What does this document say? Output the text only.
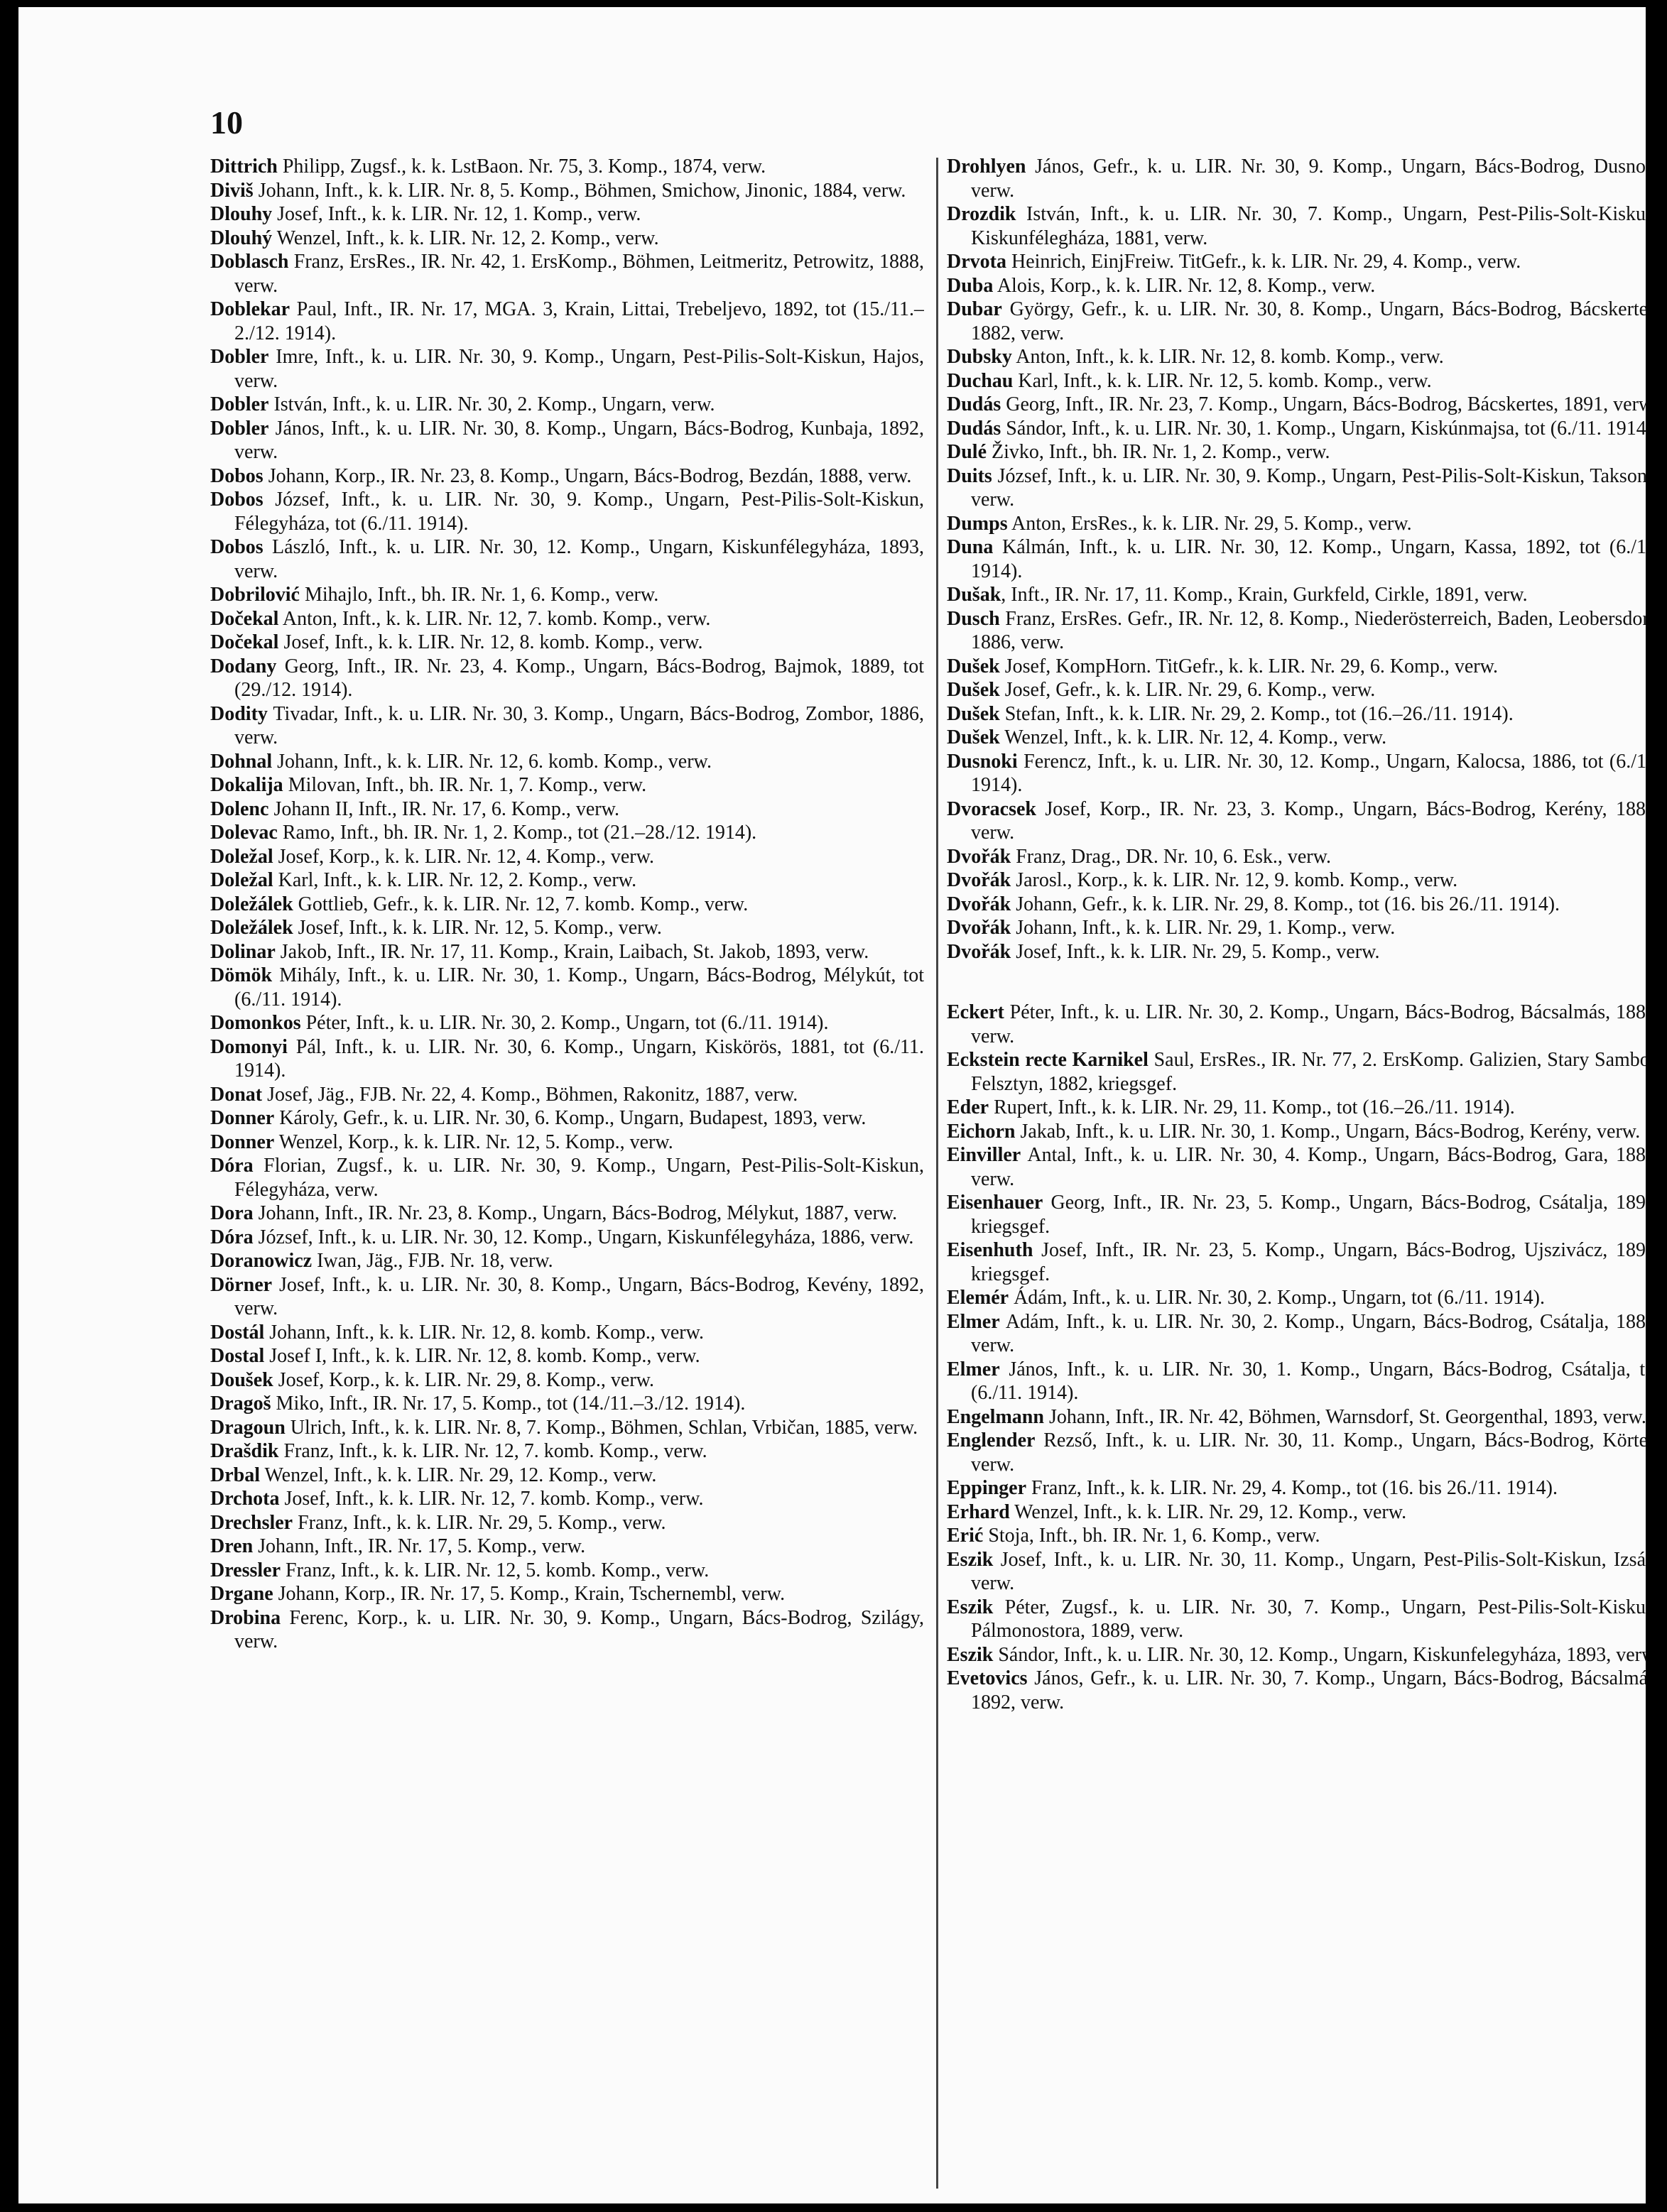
10
Dittrich Philipp, Zugsf., k. k. LstBaon. Nr. 75, 3. Komp., 1874, verw.
Diviš Johann, Inft., k. k. LIR. Nr. 8, 5. Komp., Böhmen, Smichow, Jinonic, 1884, verw.
Dlouhy Josef, Inft., k. k. LIR. Nr. 12, 1. Komp., verw.
Dlouhý Wenzel, Inft., k. k. LIR. Nr. 12, 2. Komp., verw.
Doblasch Franz, ErsRes., IR. Nr. 42, 1. ErsKomp., Böhmen, Leitmeritz, Petrowitz, 1888, verw.
Doblekar Paul, Inft., IR. Nr. 17, MGA. 3, Krain, Littai, Trebeljevo, 1892, tot (15./11.–2./12. 1914).
Dobler Imre, Inft., k. u. LIR. Nr. 30, 9. Komp., Ungarn, Pest-Pilis-Solt-Kiskun, Hajos, verw.
Dobler István, Inft., k. u. LIR. Nr. 30, 2. Komp., Ungarn, verw.
Dobler János, Inft., k. u. LIR. Nr. 30, 8. Komp., Ungarn, Bács-Bodrog, Kunbaja, 1892, verw.
Dobos Johann, Korp., IR. Nr. 23, 8. Komp., Ungarn, Bács-Bodrog, Bezdán, 1888, verw.
Dobos József, Inft., k. u. LIR. Nr. 30, 9. Komp., Ungarn, Pest-Pilis-Solt-Kiskun, Félegyháza, tot (6./11. 1914).
Dobos László, Inft., k. u. LIR. Nr. 30, 12. Komp., Ungarn, Kiskunfélegyháza, 1893, verw.
Dobrilović Mihajlo, Inft., bh. IR. Nr. 1, 6. Komp., verw.
Dočekal Anton, Inft., k. k. LIR. Nr. 12, 7. komb. Komp., verw.
Dočekal Josef, Inft., k. k. LIR. Nr. 12, 8. komb. Komp., verw.
Dodany Georg, Inft., IR. Nr. 23, 4. Komp., Ungarn, Bács-Bodrog, Bajmok, 1889, tot (29./12. 1914).
Dodity Tivadar, Inft., k. u. LIR. Nr. 30, 3. Komp., Ungarn, Bács-Bodrog, Zombor, 1886, verw.
Dohnal Johann, Inft., k. k. LIR. Nr. 12, 6. komb. Komp., verw.
Dokalija Milovan, Inft., bh. IR. Nr. 1, 7. Komp., verw.
Dolenc Johann II, Inft., IR. Nr. 17, 6. Komp., verw.
Dolevac Ramo, Inft., bh. IR. Nr. 1, 2. Komp., tot (21.–28./12. 1914).
Doležal Josef, Korp., k. k. LIR. Nr. 12, 4. Komp., verw.
Doležal Karl, Inft., k. k. LIR. Nr. 12, 2. Komp., verw.
Doležálek Gottlieb, Gefr., k. k. LIR. Nr. 12, 7. komb. Komp., verw.
Doležálek Josef, Inft., k. k. LIR. Nr. 12, 5. Komp., verw.
Dolinar Jakob, Inft., IR. Nr. 17, 11. Komp., Krain, Laibach, St. Jakob, 1893, verw.
Dömök Mihály, Inft., k. u. LIR. Nr. 30, 1. Komp., Ungarn, Bács-Bodrog, Mélykút, tot (6./11. 1914).
Domonkos Péter, Inft., k. u. LIR. Nr. 30, 2. Komp., Ungarn, tot (6./11. 1914).
Domonyi Pál, Inft., k. u. LIR. Nr. 30, 6. Komp., Ungarn, Kiskörös, 1881, tot (6./11. 1914).
Donat Josef, Jäg., FJB. Nr. 22, 4. Komp., Böhmen, Rakonitz, 1887, verw.
Donner Károly, Gefr., k. u. LIR. Nr. 30, 6. Komp., Ungarn, Budapest, 1893, verw.
Donner Wenzel, Korp., k. k. LIR. Nr. 12, 5. Komp., verw.
Dóra Florian, Zugsf., k. u. LIR. Nr. 30, 9. Komp., Ungarn, Pest-Pilis-Solt-Kiskun, Félegyháza, verw.
Dora Johann, Inft., IR. Nr. 23, 8. Komp., Ungarn, Bács-Bodrog, Mélykut, 1887, verw.
Dóra József, Inft., k. u. LIR. Nr. 30, 12. Komp., Ungarn, Kiskunfélegyháza, 1886, verw.
Doranowicz Iwan, Jäg., FJB. Nr. 18, verw.
Dörner Josef, Inft., k. u. LIR. Nr. 30, 8. Komp., Ungarn, Bács-Bodrog, Kevény, 1892, verw.
Dostál Johann, Inft., k. k. LIR. Nr. 12, 8. komb. Komp., verw.
Dostal Josef I, Inft., k. k. LIR. Nr. 12, 8. komb. Komp., verw.
Doušek Josef, Korp., k. k. LIR. Nr. 29, 8. Komp., verw.
Dragoš Miko, Inft., IR. Nr. 17, 5. Komp., tot (14./11.–3./12. 1914).
Dragoun Ulrich, Inft., k. k. LIR. Nr. 8, 7. Komp., Böhmen, Schlan, Vrbičan, 1885, verw.
Drašdik Franz, Inft., k. k. LIR. Nr. 12, 7. komb. Komp., verw.
Drbal Wenzel, Inft., k. k. LIR. Nr. 29, 12. Komp., verw.
Drchota Josef, Inft., k. k. LIR. Nr. 12, 7. komb. Komp., verw.
Drechsler Franz, Inft., k. k. LIR. Nr. 29, 5. Komp., verw.
Dren Johann, Inft., IR. Nr. 17, 5. Komp., verw.
Dressler Franz, Inft., k. k. LIR. Nr. 12, 5. komb. Komp., verw.
Drgane Johann, Korp., IR. Nr. 17, 5. Komp., Krain, Tschernembl, verw.
Drobina Ferenc, Korp., k. u. LIR. Nr. 30, 9. Komp., Ungarn, Bács-Bodrog, Szilágy, verw.
Drohlyen János, Gefr., k. u. LIR. Nr. 30, 9. Komp., Ungarn, Bács-Bodrog, Dusnok, verw.
Drozdik István, Inft., k. u. LIR. Nr. 30, 7. Komp., Ungarn, Pest-Pilis-Solt-Kiskun, Kiskunfélegháza, 1881, verw.
Drvota Heinrich, EinjFreiw. TitGefr., k. k. LIR. Nr. 29, 4. Komp., verw.
Duba Alois, Korp., k. k. LIR. Nr. 12, 8. Komp., verw.
Dubar György, Gefr., k. u. LIR. Nr. 30, 8. Komp., Ungarn, Bács-Bodrog, Bácskertes, 1882, verw.
Dubsky Anton, Inft., k. k. LIR. Nr. 12, 8. komb. Komp., verw.
Duchau Karl, Inft., k. k. LIR. Nr. 12, 5. komb. Komp., verw.
Dudás Georg, Inft., IR. Nr. 23, 7. Komp., Ungarn, Bács-Bodrog, Bácskertes, 1891, verw.
Dudás Sándor, Inft., k. u. LIR. Nr. 30, 1. Komp., Ungarn, Kiskúnmajsa, tot (6./11. 1914).
Dulé Živko, Inft., bh. IR. Nr. 1, 2. Komp., verw.
Duits József, Inft., k. u. LIR. Nr. 30, 9. Komp., Ungarn, Pest-Pilis-Solt-Kiskun, Taksony, verw.
Dumps Anton, ErsRes., k. k. LIR. Nr. 29, 5. Komp., verw.
Duna Kálmán, Inft., k. u. LIR. Nr. 30, 12. Komp., Ungarn, Kassa, 1892, tot (6./11. 1914).
Dušak, Inft., IR. Nr. 17, 11. Komp., Krain, Gurkfeld, Cirkle, 1891, verw.
Dusch Franz, ErsRes. Gefr., IR. Nr. 12, 8. Komp., Niederösterreich, Baden, Leobersdorf, 1886, verw.
Dušek Josef, KompHorn. TitGefr., k. k. LIR. Nr. 29, 6. Komp., verw.
Dušek Josef, Gefr., k. k. LIR. Nr. 29, 6. Komp., verw.
Dušek Stefan, Inft., k. k. LIR. Nr. 29, 2. Komp., tot (16.–26./11. 1914).
Dušek Wenzel, Inft., k. k. LIR. Nr. 12, 4. Komp., verw.
Dusnoki Ferencz, Inft., k. u. LIR. Nr. 30, 12. Komp., Ungarn, Kalocsa, 1886, tot (6./11. 1914).
Dvoracsek Josef, Korp., IR. Nr. 23, 3. Komp., Ungarn, Bács-Bodrog, Kerény, 1888, verw.
Dvořák Franz, Drag., DR. Nr. 10, 6. Esk., verw.
Dvořák Jarosl., Korp., k. k. LIR. Nr. 12, 9. komb. Komp., verw.
Dvořák Johann, Gefr., k. k. LIR. Nr. 29, 8. Komp., tot (16. bis 26./11. 1914).
Dvořák Johann, Inft., k. k. LIR. Nr. 29, 1. Komp., verw.
Dvořák Josef, Inft., k. k. LIR. Nr. 29, 5. Komp., verw.
Eckert Péter, Inft., k. u. LIR. Nr. 30, 2. Komp., Ungarn, Bács-Bodrog, Bácsalmás, 1885, verw.
Eckstein recte Karnikel Saul, ErsRes., IR. Nr. 77, 2. ErsKomp. Galizien, Stary Sambor, Felsztyn, 1882, kriegsgef.
Eder Rupert, Inft., k. k. LIR. Nr. 29, 11. Komp., tot (16.–26./11. 1914).
Eichorn Jakab, Inft., k. u. LIR. Nr. 30, 1. Komp., Ungarn, Bács-Bodrog, Kerény, verw.
Einviller Antal, Inft., k. u. LIR. Nr. 30, 4. Komp., Ungarn, Bács-Bodrog, Gara, 1884, verw.
Eisenhauer Georg, Inft., IR. Nr. 23, 5. Komp., Ungarn, Bács-Bodrog, Csátalja, 1893, kriegsgef.
Eisenhuth Josef, Inft., IR. Nr. 23, 5. Komp., Ungarn, Bács-Bodrog, Ujszivácz, 1893, kriegsgef.
Elemér Ádám, Inft., k. u. LIR. Nr. 30, 2. Komp., Ungarn, tot (6./11. 1914).
Elmer Adám, Inft., k. u. LIR. Nr. 30, 2. Komp., Ungarn, Bács-Bodrog, Csátalja, 1884, verw.
Elmer János, Inft., k. u. LIR. Nr. 30, 1. Komp., Ungarn, Bács-Bodrog, Csátalja, tot (6./11. 1914).
Engelmann Johann, Inft., IR. Nr. 42, Böhmen, Warnsdorf, St. Georgenthal, 1893, verw.
Englender Rezső, Inft., k. u. LIR. Nr. 30, 11. Komp., Ungarn, Bács-Bodrog, Körtes, verw.
Eppinger Franz, Inft., k. k. LIR. Nr. 29, 4. Komp., tot (16. bis 26./11. 1914).
Erhard Wenzel, Inft., k. k. LIR. Nr. 29, 12. Komp., verw.
Erić Stoja, Inft., bh. IR. Nr. 1, 6. Komp., verw.
Eszik Josef, Inft., k. u. LIR. Nr. 30, 11. Komp., Ungarn, Pest-Pilis-Solt-Kiskun, Izsák, verw.
Eszik Péter, Zugsf., k. u. LIR. Nr. 30, 7. Komp., Ungarn, Pest-Pilis-Solt-Kiskun, Pálmonostora, 1889, verw.
Eszik Sándor, Inft., k. u. LIR. Nr. 30, 12. Komp., Ungarn, Kiskunfelegyháza, 1893, verw.
Evetovics János, Gefr., k. u. LIR. Nr. 30, 7. Komp., Ungarn, Bács-Bodrog, Bácsalmás, 1892, verw.
